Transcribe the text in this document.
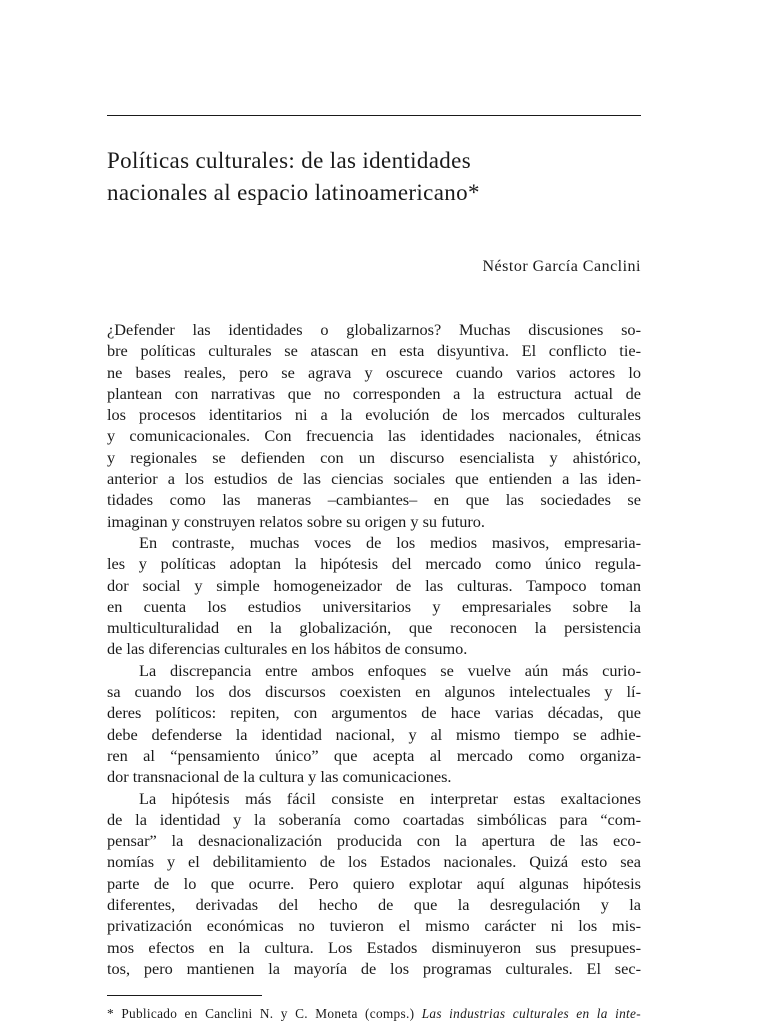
Políticas culturales: de las identidades
nacionales al espacio latinoamericano*
Néstor García Canclini
¿Defender las identidades o globalizarnos? Muchas discusiones so-
bre políticas culturales se atascan en esta disyuntiva. El conflicto tie-
ne bases reales, pero se agrava y oscurece cuando varios actores lo
plantean con narrativas que no corresponden a la estructura actual de
los procesos identitarios ni a la evolución de los mercados culturales
y comunicacionales. Con frecuencia las identidades nacionales, étnicas
y regionales se defienden con un discurso esencialista y ahistórico,
anterior a los estudios de las ciencias sociales que entienden a las iden-
tidades como las maneras –cambiantes– en que las sociedades se
imaginan y construyen relatos sobre su origen y su futuro.
En contraste, muchas voces de los medios masivos, empresaria-
les y políticas adoptan la hipótesis del mercado como único regula-
dor social y simple homogeneizador de las culturas. Tampoco toman
en cuenta los estudios universitarios y empresariales sobre la
multiculturalidad en la globalización, que reconocen la persistencia
de las diferencias culturales en los hábitos de consumo.
La discrepancia entre ambos enfoques se vuelve aún más curio-
sa cuando los dos discursos coexisten en algunos intelectuales y lí-
deres políticos: repiten, con argumentos de hace varias décadas, que
debe defenderse la identidad nacional, y al mismo tiempo se adhie-
ren al “pensamiento único” que acepta al mercado como organiza-
dor transnacional de la cultura y las comunicaciones.
La hipótesis más fácil consiste en interpretar estas exaltaciones
de la identidad y la soberanía como coartadas simbólicas para “com-
pensar” la desnacionalización producida con la apertura de las eco-
nomías y el debilitamiento de los Estados nacionales. Quizá esto sea
parte de lo que ocurre. Pero quiero explotar aquí algunas hipótesis
diferentes, derivadas del hecho de que la desregulación y la
privatización económicas no tuvieron el mismo carácter ni los mis-
mos efectos en la cultura. Los Estados disminuyeron sus presupues-
tos, pero mantienen la mayoría de los programas culturales. El sec-
* Publicado en Canclini N. y C. Moneta (comps.) Las industrias culturales en la inte-
